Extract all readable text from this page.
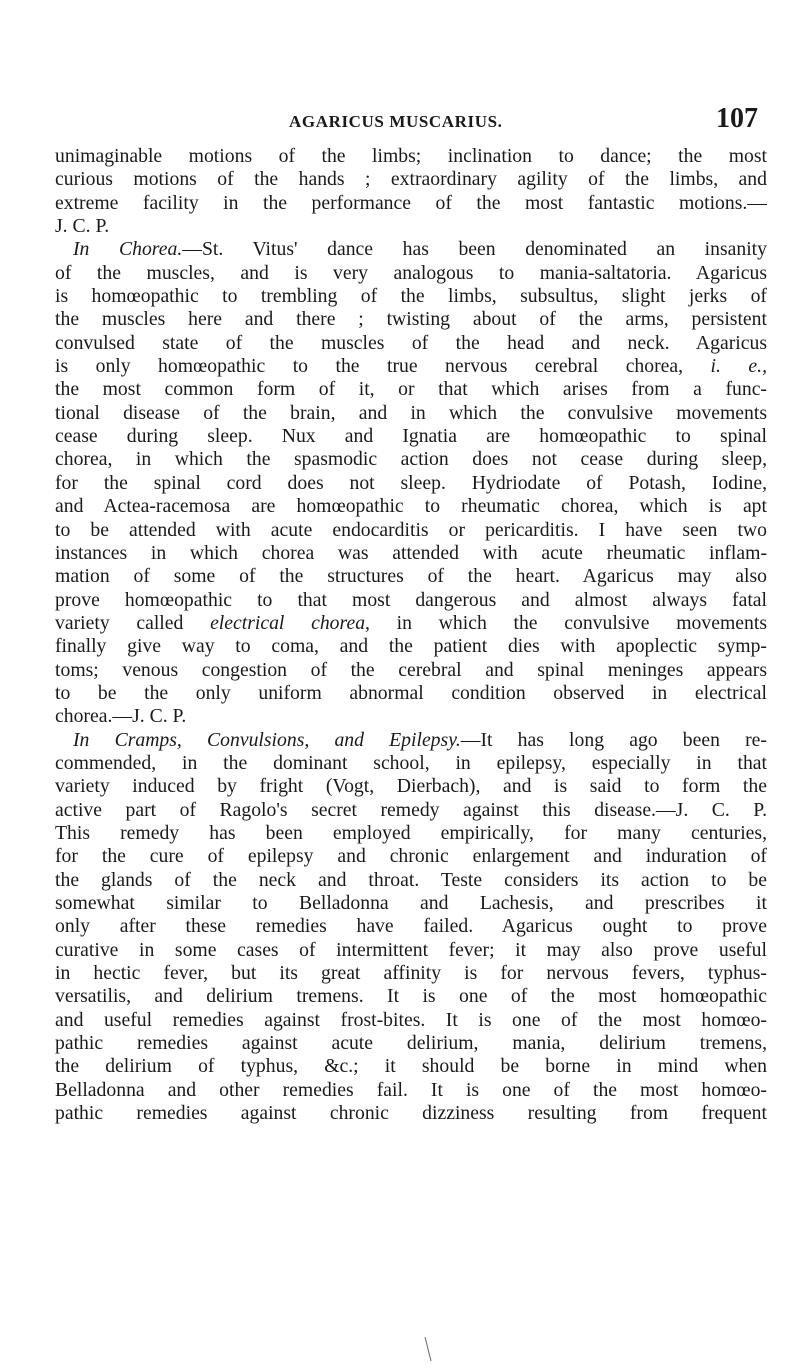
AGARICUS MUSCARIUS.	107
unimaginable motions of the limbs; inclination to dance; the most
curious motions of the hands ; extraordinary agility of the limbs, and
extreme facility in the performance of the most fantastic motions.—
J. C. P.
In Chorea.—St. Vitus' dance has been denominated an insanity
of the muscles, and is very analogous to mania-saltatoria. Agaricus
is homœopathic to trembling of the limbs, subsultus, slight jerks of
the muscles here and there ; twisting about of the arms, persistent
convulsed state of the muscles of the head and neck. Agaricus
is only homœopathic to the true nervous cerebral chorea, i. e.,
the most common form of it, or that which arises from a func-
tional disease of the brain, and in which the convulsive movements
cease during sleep. Nux and Ignatia are homœopathic to spinal
chorea, in which the spasmodic action does not cease during sleep,
for the spinal cord does not sleep. Hydriodate of Potash, Iodine,
and Actea-racemosa are homœopathic to rheumatic chorea, which is apt
to be attended with acute endocarditis or pericarditis. I have seen two
instances in which chorea was attended with acute rheumatic inflam-
mation of some of the structures of the heart. Agaricus may also
prove homœopathic to that most dangerous and almost always fatal
variety called electrical chorea, in which the convulsive movements
finally give way to coma, and the patient dies with apoplectic symp-
toms; venous congestion of the cerebral and spinal meninges appears
to be the only uniform abnormal condition observed in electrical
chorea.—J. C. P.
In Cramps, Convulsions, and Epilepsy.—It has long ago been re-
commended, in the dominant school, in epilepsy, especially in that
variety induced by fright (Vogt, Dierbach), and is said to form the
active part of Ragolo's secret remedy against this disease.—J. C. P.
This remedy has been employed empirically, for many centuries,
for the cure of epilepsy and chronic enlargement and induration of
the glands of the neck and throat. Teste considers its action to be
somewhat similar to Belladonna and Lachesis, and prescribes it
only after these remedies have failed. Agaricus ought to prove
curative in some cases of intermittent fever; it may also prove useful
in hectic fever, but its great affinity is for nervous fevers, typhus-
versatilis, and delirium tremens. It is one of the most homœopathic
and useful remedies against frost-bites. It is one of the most homœo-
pathic remedies against acute delirium, mania, delirium tremens,
the delirium of typhus, &c.; it should be borne in mind when
Belladonna and other remedies fail. It is one of the most homœo-
pathic remedies against chronic dizziness resulting from frequent
